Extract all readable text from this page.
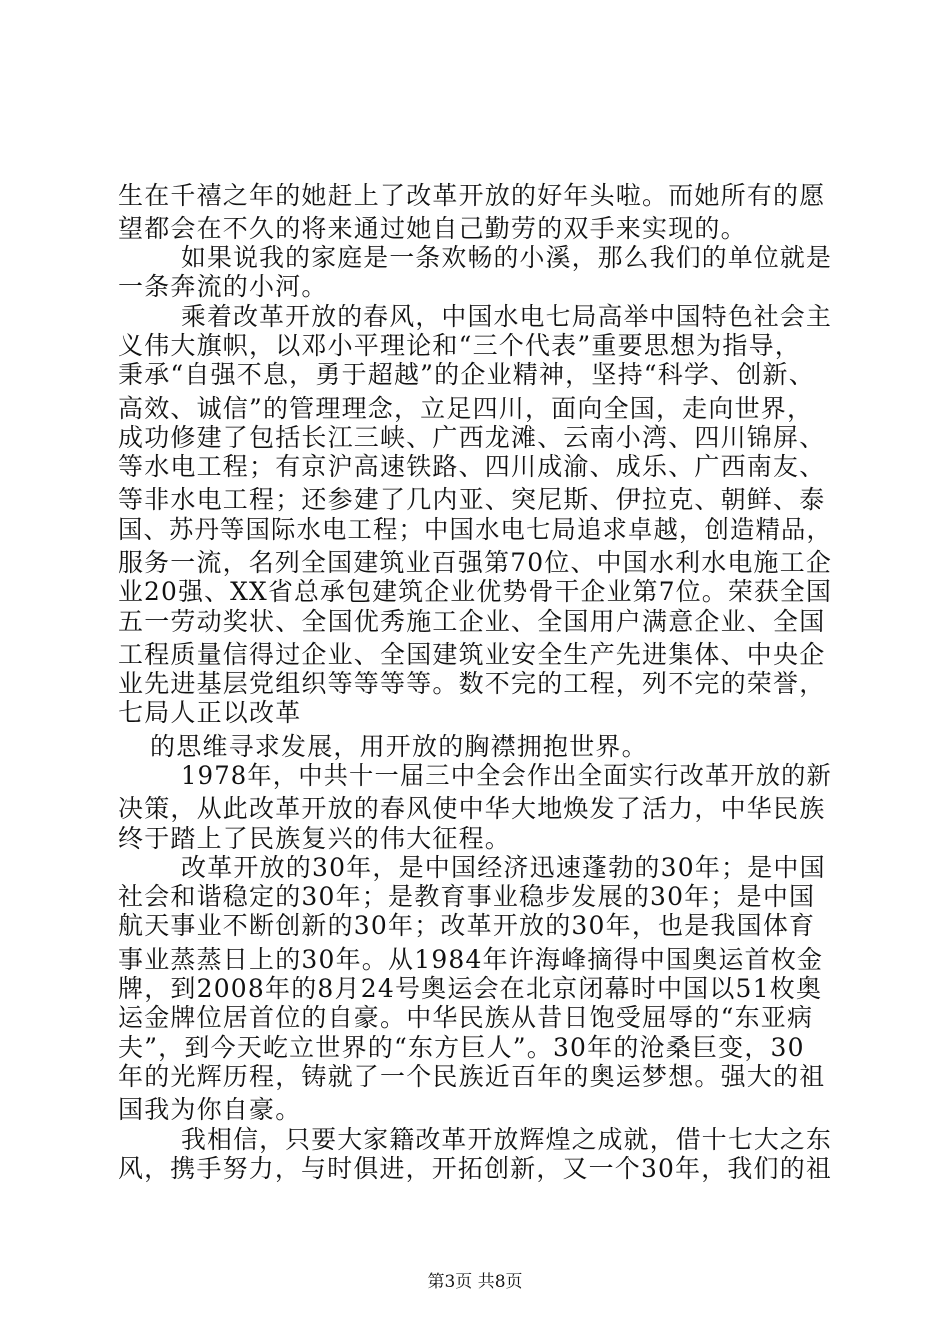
生在千禧之年的她赶上了改革开放的好年头啦。而她所有的愿
望都会在不久的将来通过她自己勤劳的双手来实现的。
如果说我的家庭是一条欢畅的小溪，那么我们的单位就是
一条奔流的小河。
乘着改革开放的春风，中国水电七局高举中国特色社会主
义伟大旗帜，以邓小平理论和“三个代表”重要思想为指导，
秉承“自强不息，勇于超越”的企业精神，坚持“科学、创新、
高效、诚信”的管理理念，立足四川，面向全国，走向世界，
成功修建了包括长江三峡、广西龙滩、云南小湾、四川锦屏、
等水电工程；有京沪高速铁路、四川成渝、成乐、广西南友、
等非水电工程；还参建了几内亚、突尼斯、伊拉克、朝鲜、泰
国、苏丹等国际水电工程；中国水电七局追求卓越，创造精品，
服务一流，名列全国建筑业百强第70位、中国水利水电施工企
业20强、XX省总承包建筑企业优势骨干企业第7位。荣获全国
五一劳动奖状、全国优秀施工企业、全国用户满意企业、全国
工程质量信得过企业、全国建筑业安全生产先进集体、中央企
业先进基层党组织等等等等。数不完的工程，列不完的荣誉，
七局人正以改革
的思维寻求发展，用开放的胸襟拥抱世界。
1978年，中共十一届三中全会作出全面实行改革开放的新
决策，从此改革开放的春风使中华大地焕发了活力，中华民族
终于踏上了民族复兴的伟大征程。
改革开放的30年，是中国经济迅速蓬勃的30年；是中国
社会和谐稳定的30年；是教育事业稳步发展的30年；是中国
航天事业不断创新的30年；改革开放的30年，也是我国体育
事业蒸蒸日上的30年。从1984年许海峰摘得中国奥运首枚金
牌，到2008年的8月24号奥运会在北京闭幕时中国以51枚奥
运金牌位居首位的自豪。中华民族从昔日饱受屈辱的“东亚病
夫”，到今天屹立世界的“东方巨人”。30年的沧桑巨变，30
年的光辉历程，铸就了一个民族近百年的奥运梦想。强大的祖
国我为你自豪。
我相信，只要大家籍改革开放辉煌之成就，借十七大之东
风，携手努力，与时俱进，开拓创新，又一个30年，我们的祖
第3页 共8页
